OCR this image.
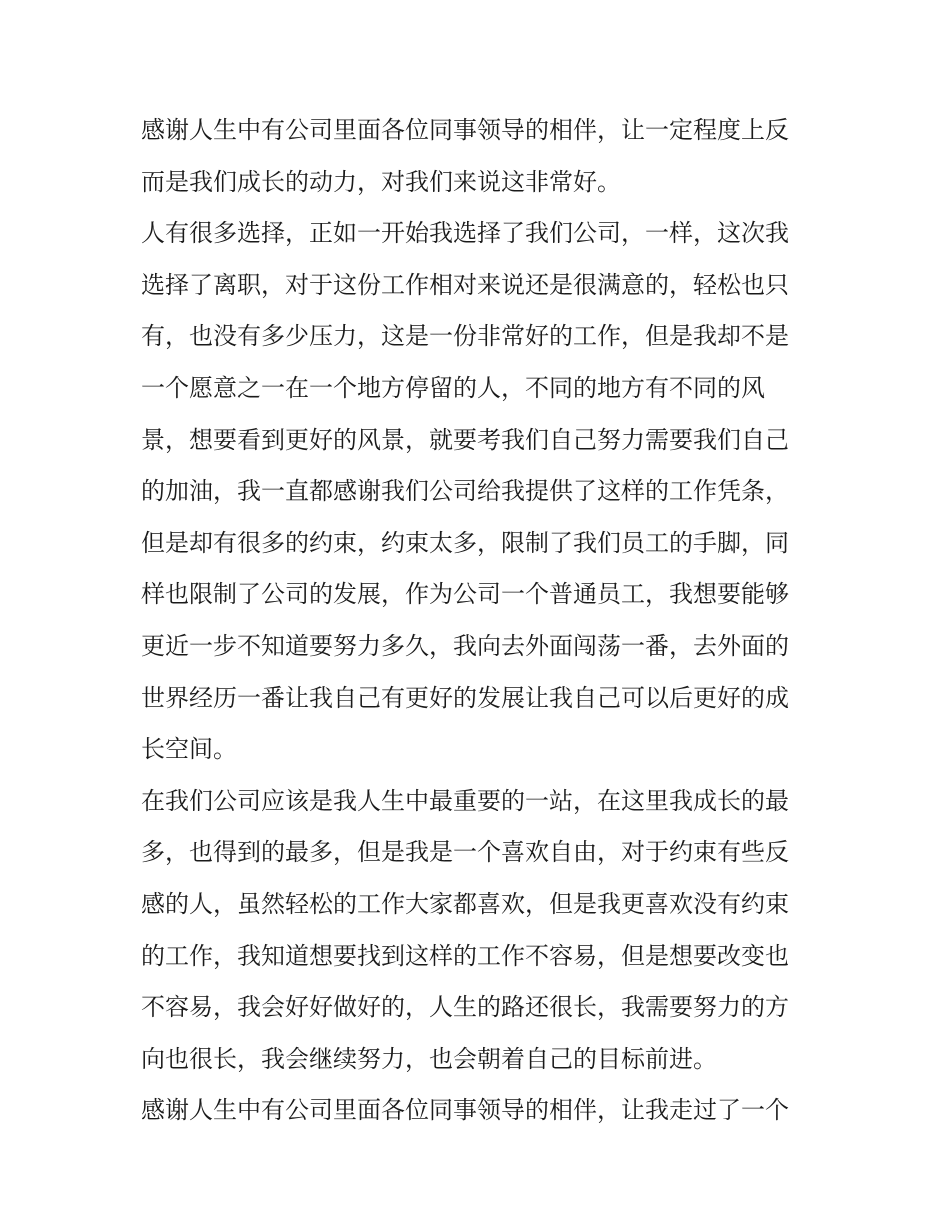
感谢人生中有公司里面各位同事领导的相伴，让一定程度上反
而是我们成长的动力，对我们来说这非常好。
人有很多选择，正如一开始我选择了我们公司，一样，这次我
选择了离职，对于这份工作相对来说还是很满意的，轻松也只
有，也没有多少压力，这是一份非常好的工作，但是我却不是
一个愿意之一在一个地方停留的人，不同的地方有不同的风
景，想要看到更好的风景，就要考我们自己努力需要我们自己
的加油，我一直都感谢我们公司给我提供了这样的工作凭条，
但是却有很多的约束，约束太多，限制了我们员工的手脚，同
样也限制了公司的发展，作为公司一个普通员工，我想要能够
更近一步不知道要努力多久，我向去外面闯荡一番，去外面的
世界经历一番让我自己有更好的发展让我自己可以后更好的成
长空间。
在我们公司应该是我人生中最重要的一站，在这里我成长的最
多，也得到的最多，但是我是一个喜欢自由，对于约束有些反
感的人，虽然轻松的工作大家都喜欢，但是我更喜欢没有约束
的工作，我知道想要找到这样的工作不容易，但是想要改变也
不容易，我会好好做好的，人生的路还很长，我需要努力的方
向也很长，我会继续努力，也会朝着自己的目标前进。
感谢人生中有公司里面各位同事领导的相伴，让我走过了一个
